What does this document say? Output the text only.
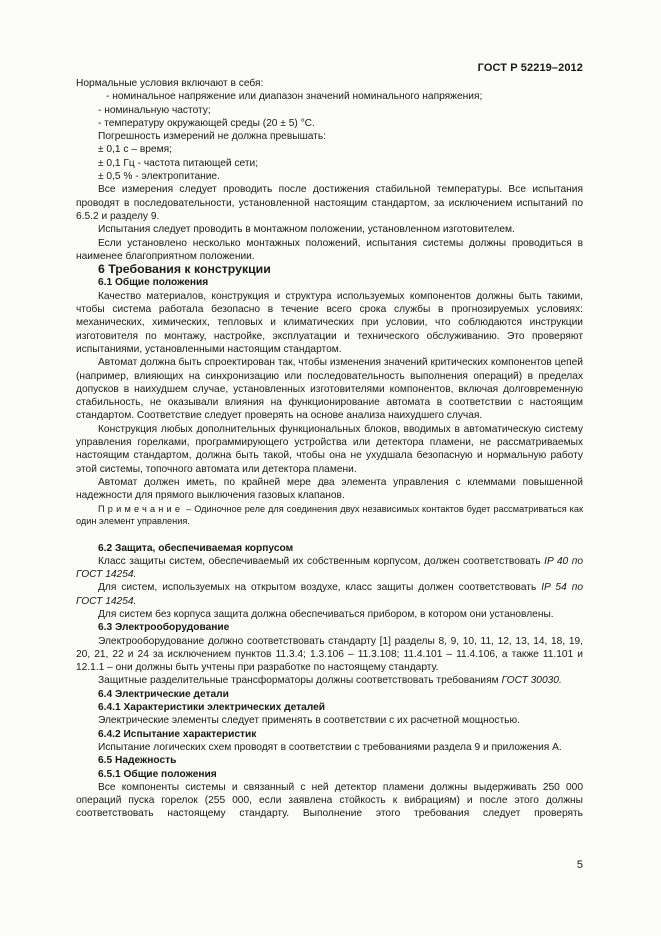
ГОСТ Р 52219–2012

Нормальные условия включают в себя:

- номинальное напряжение или диапазон значений номинального напряжения;

- номинальную частоту;

- температуру окружающей среды (20 ± 5) °С.

Погрешность измерений не должна превышать:

± 0,1 с – время;

± 0,1 Гц - частота питающей сети;

± 0,5 % - электропитание.

Все измерения следует проводить после достижения стабильной температуры. Все испытания проводят в последовательности, установленной настоящим стандартом, за исключением испытаний по 6.5.2 и разделу 9.

Испытания следует проводить в монтажном положении, установленном изготовителем.

Если установлено несколько монтажных положений, испытания системы должны проводиться в наименее благоприятном положении.

6 Требования к конструкции

6.1 Общие положения

Качество материалов, конструкция и структура используемых компонентов должны быть такими, чтобы система работала безопасно в течение всего срока службы в прогнозируемых условиях: механических, химических, тепловых и климатических при условии, что соблюдаются инструкции изготовителя по монтажу, настройке, эксплуатации и технического обслуживанию. Это проверяют испытаниями, установленными настоящим стандартом.

Автомат должна быть спроектирован так, чтобы изменения значений критических компонентов цепей (например, влияющих на синхронизацию или последовательность выполнения операций) в пределах допусков в наихудшем случае, установленных изготовителями компонентов, включая долговременную стабильность, не оказывали влияния на функционирование автомата в соответствии с настоящим стандартом. Соответствие следует проверять на основе анализа наихудшего случая.

Конструкция любых дополнительных функциональных блоков, вводимых в автоматическую систему управления горелками, программирующего устройства или детектора пламени, не рассматриваемых настоящим стандартом, должна быть такой, чтобы она не ухудшала безопасную и нормальную работу этой системы, топочного автомата или детектора пламени.

Автомат должен иметь, по крайней мере два элемента управления с клеммами повышенной надежности для прямого выключения газовых клапанов.

Примечание – Одиночное реле для соединения двух независимых контактов будет рассматриваться как один элемент управления.

6.2 Защита, обеспечиваемая корпусом

Класс защиты систем, обеспечиваемый их собственным корпусом, должен соответствовать IP 40 по ГОСТ 14254.

Для систем, используемых на открытом воздухе, класс защиты должен соответствовать IP 54 по ГОСТ 14254.

Для систем без корпуса защита должна обеспечиваться прибором, в котором они установлены.

6.3 Электрооборудование

Электрооборудование должно соответствовать стандарту [1] разделы 8, 9, 10, 11, 12, 13, 14, 18, 19, 20, 21, 22 и 24 за исключением пунктов 11.3.4; 1.3.106 – 11.3.108; 11.4.101 – 11.4.106, а также 11.101 и 12.1.1 – они должны быть учтены при разработке по настоящему стандарту.

Защитные разделительные трансформаторы должны соответствовать требованиям ГОСТ 30030.

6.4 Электрические детали

6.4.1 Характеристики электрических деталей

Электрические элементы следует применять в соответствии с их расчетной мощностью.

6.4.2 Испытание характеристик

Испытание логических схем проводят в соответствии с требованиями раздела 9 и приложения А.

6.5 Надежность

6.5.1 Общие положения

Все компоненты системы и связанный с ней детектор пламени должны выдерживать 250 000 операций пуска горелок (255 000, если заявлена стойкость к вибрациям) и после этого должны соответствовать настоящему стандарту. Выполнение этого требования следует проверять

5
